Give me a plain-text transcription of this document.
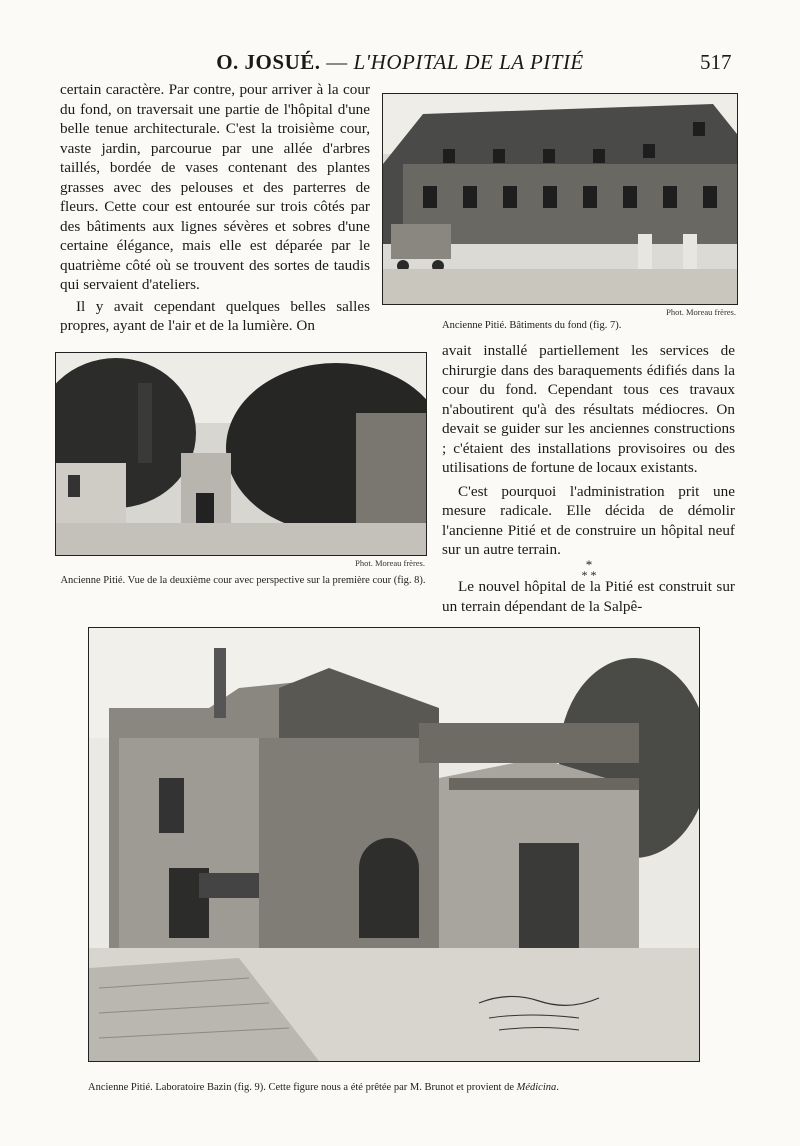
O. JOSUÉ. — L'HOPITAL DE LA PITIÉ	517

certain caractère. Par contre, pour arriver à la cour du fond, on traversait une partie de l'hôpital d'une belle tenue architecturale. C'est la troisième cour, vaste jardin, parcourue par une allée d'arbres taillés, bordée de vases contenant des plantes grasses avec des pelouses et des parterres de fleurs. Cette cour est entourée sur trois côtés par des bâtiments aux lignes sévères et sobres d'une certaine élégance, mais elle est déparée par le quatrième côté où se trouvent des sortes de taudis qui servaient d'ateliers.

Il y avait cependant quelques belles salles propres, ayant de l'air et de la lumière. On

Phot. Moreau frères.
Ancienne Pitié. Bâtiments du fond (fig. 7).
Phot. Moreau frères.
Ancienne Pitié. Vue de la deuxième cour avec perspective sur la première cour (fig. 8).

avait installé partiellement les services de chirurgie dans des baraquements édifiés dans la cour du fond. Cependant tous ces travaux n'aboutirent qu'à des résultats médiocres. On devait se guider sur les anciennes constructions ; c'étaient des installations provisoires ou des utilisations de fortune de locaux existants.

C'est pourquoi l'administration prit une mesure radicale. Elle décida de démolir l'ancienne Pitié et de construire un hôpital neuf sur un autre terrain.

*
* *

Le nouvel hôpital de la Pitié est construit sur un terrain dépendant de la Salpê-

Ancienne Pitié. Laboratoire Bazin (fig. 9). Cette figure nous a été prêtée par M. Brunot et provient de Médicina.
